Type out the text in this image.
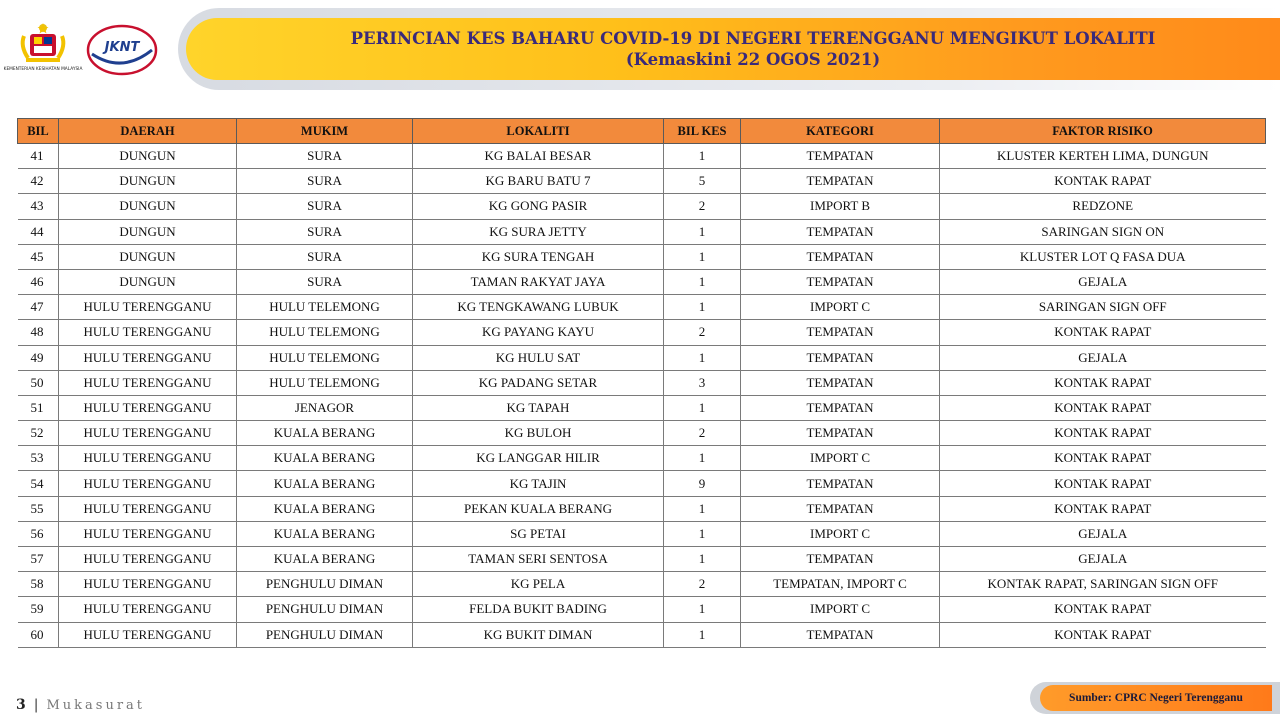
KEMENTERIAN KESIHATAN MALAYSIA
JKNT	PERINCIAN KES BAHARU COVID-19 DI NEGERI TERENGGANU MENGIKUT LOKALITI
(Kemaskini 22 OGOS 2021)
BIL	DAERAH	MUKIM	LOKALITI	BIL KES	KATEGORI	FAKTOR RISIKO
41	DUNGUN	SURA	KG BALAI BESAR	1	TEMPATAN	KLUSTER KERTEH LIMA, DUNGUN
42	DUNGUN	SURA	KG BARU BATU 7	5	TEMPATAN	KONTAK RAPAT
43	DUNGUN	SURA	KG GONG PASIR	2	IMPORT B	REDZONE
44	DUNGUN	SURA	KG SURA JETTY	1	TEMPATAN	SARINGAN SIGN ON
45	DUNGUN	SURA	KG SURA TENGAH	1	TEMPATAN	KLUSTER LOT Q FASA DUA
46	DUNGUN	SURA	TAMAN RAKYAT JAYA	1	TEMPATAN	GEJALA
47	HULU TERENGGANU	HULU TELEMONG	KG TENGKAWANG LUBUK	1	IMPORT C	SARINGAN SIGN OFF
48	HULU TERENGGANU	HULU TELEMONG	KG PAYANG KAYU	2	TEMPATAN	KONTAK RAPAT
49	HULU TERENGGANU	HULU TELEMONG	KG HULU SAT	1	TEMPATAN	GEJALA
50	HULU TERENGGANU	HULU TELEMONG	KG PADANG SETAR	3	TEMPATAN	KONTAK RAPAT
51	HULU TERENGGANU	JENAGOR	KG TAPAH	1	TEMPATAN	KONTAK RAPAT
52	HULU TERENGGANU	KUALA BERANG	KG BULOH	2	TEMPATAN	KONTAK RAPAT
53	HULU TERENGGANU	KUALA BERANG	KG LANGGAR HILIR	1	IMPORT C	KONTAK RAPAT
54	HULU TERENGGANU	KUALA BERANG	KG TAJIN	9	TEMPATAN	KONTAK RAPAT
55	HULU TERENGGANU	KUALA BERANG	PEKAN KUALA BERANG	1	TEMPATAN	KONTAK RAPAT
56	HULU TERENGGANU	KUALA BERANG	SG PETAI	1	IMPORT C	GEJALA
57	HULU TERENGGANU	KUALA BERANG	TAMAN SERI SENTOSA	1	TEMPATAN	GEJALA
58	HULU TERENGGANU	PENGHULU DIMAN	KG PELA	2	TEMPATAN, IMPORT C	KONTAK RAPAT, SARINGAN SIGN OFF
59	HULU TERENGGANU	PENGHULU DIMAN	FELDA BUKIT BADING	1	IMPORT C	KONTAK RAPAT
60	HULU TERENGGANU	PENGHULU DIMAN	KG BUKIT DIMAN	1	TEMPATAN	KONTAK RAPAT
3 | Mukasurat	Sumber: CPRC Negeri Terengganu
